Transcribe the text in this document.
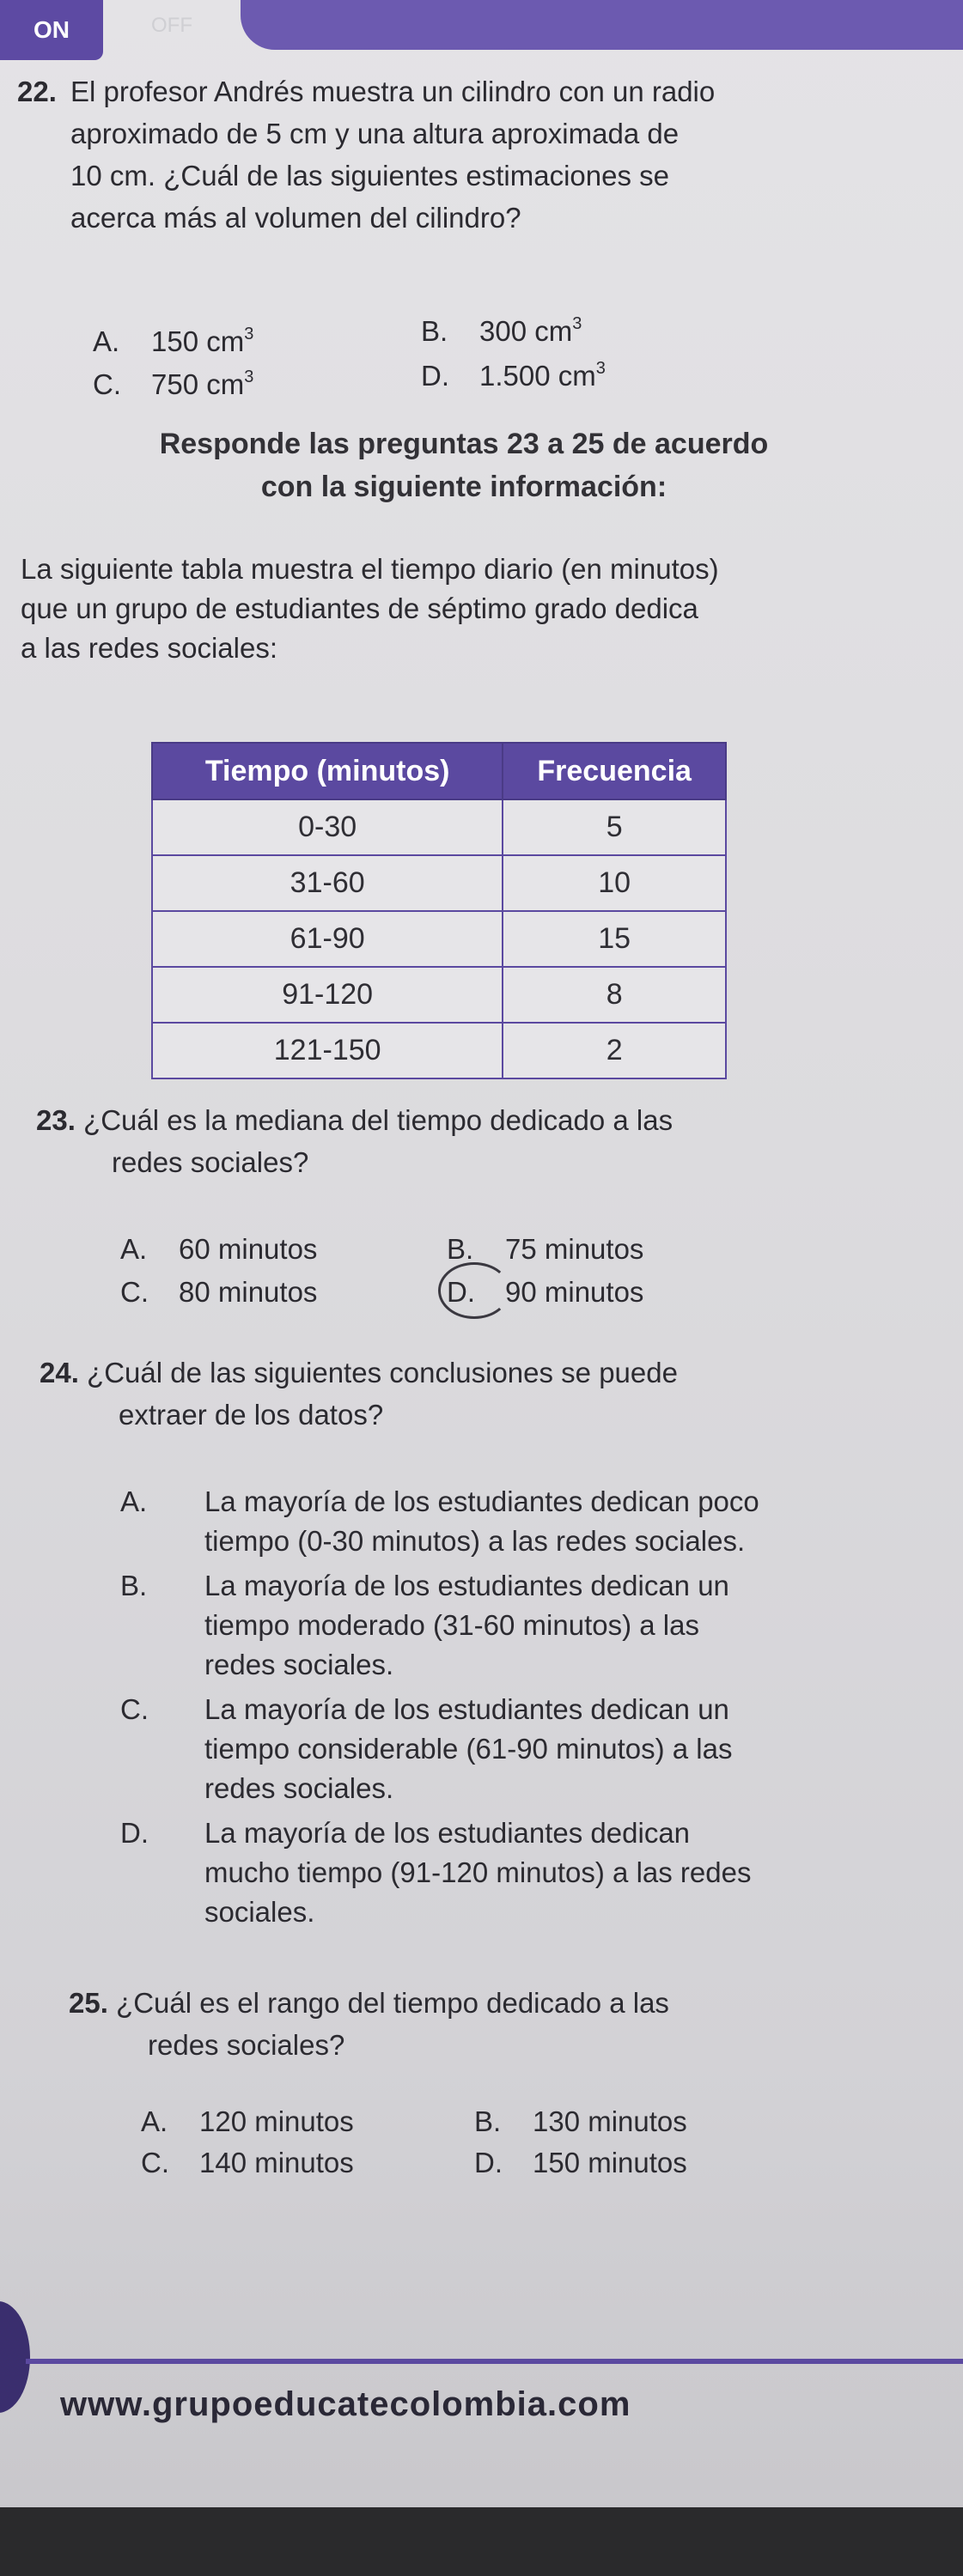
ON	OFF
22. El profesor Andrés muestra un cilindro con un radio
aproximado de 5 cm y una altura aproximada de
10 cm. ¿Cuál de las siguientes estimaciones se
acerca más al volumen del cilindro?
A. 150 $cm^3$	B. 300 $cm^3$
C. 750 $cm^3$	D. 1.500 $cm^3$
Responde las preguntas 23 a 25 de acuerdo
con la siguiente información:
La siguiente tabla muestra el tiempo diario (en minutos)
que un grupo de estudiantes de séptimo grado dedica
a las redes sociales:
Tiempo (minutos)	Frecuencia
0-30	5
31-60	10
61-90	15
91-120	8
121-150	2
23. ¿Cuál es la mediana del tiempo dedicado a las
redes sociales?
A. 60 minutos	B. 75 minutos
C. 80 minutos	D. 90 minutos
24. ¿Cuál de las siguientes conclusiones se puede
extraer de los datos?
A. La mayoría de los estudiantes dedican poco
tiempo (0-30 minutos) a las redes sociales.
B. La mayoría de los estudiantes dedican un
tiempo moderado (31-60 minutos) a las
redes sociales.
C. La mayoría de los estudiantes dedican un
tiempo considerable (61-90 minutos) a las
redes sociales.
D. La mayoría de los estudiantes dedican
mucho tiempo (91-120 minutos) a las redes
sociales.
25. ¿Cuál es el rango del tiempo dedicado a las
redes sociales?
A. 120 minutos	B. 130 minutos
C. 140 minutos	D. 150 minutos
www.grupoeducatecolombia.com
